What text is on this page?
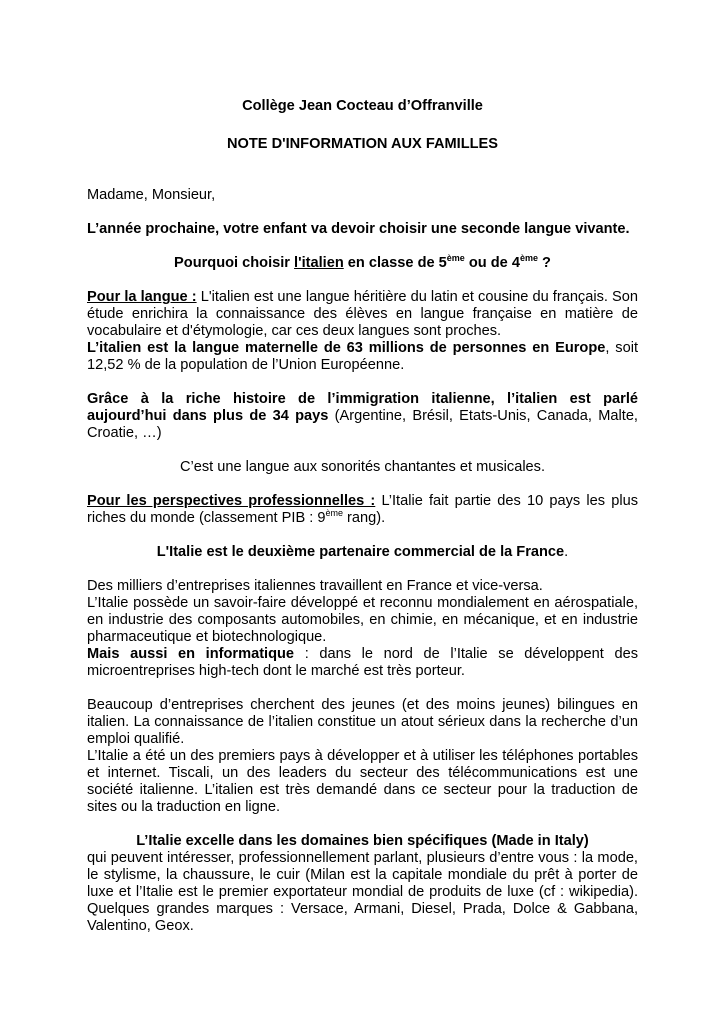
Collège Jean Cocteau d’Offranville

NOTE D'INFORMATION AUX FAMILLES

Madame, Monsieur,

L’année prochaine, votre enfant va devoir choisir une seconde langue vivante.

Pourquoi choisir l'italien en classe de 5ème ou de 4ème ?

Pour la langue : L'italien est une langue héritière du latin et cousine du français. Son étude enrichira la connaissance des élèves en langue française en matière de vocabulaire et d'étymologie, car ces deux langues sont proches.

L’italien est la langue maternelle de 63 millions de personnes en Europe, soit 12,52 % de la population de l’Union Européenne.

Grâce à la riche histoire de l’immigration italienne, l’italien est parlé aujourd’hui dans plus de 34 pays (Argentine, Brésil, Etats-Unis, Canada, Malte, Croatie, …)

C’est une langue aux sonorités chantantes et musicales.

Pour les perspectives professionnelles : L’Italie fait partie des 10 pays les plus riches du monde (classement PIB : 9ème rang).

L'Italie est le deuxième partenaire commercial de la France.

Des milliers d’entreprises italiennes travaillent en France et vice-versa.

L’Italie possède un savoir-faire développé et reconnu mondialement en aérospatiale, en industrie des composants automobiles, en chimie, en mécanique, et en industrie pharmaceutique et biotechnologique.

Mais aussi en informatique : dans le nord de l’Italie se développent des microentreprises high-tech dont le marché est très porteur.

Beaucoup d’entreprises cherchent des jeunes (et des moins jeunes) bilingues en italien. La connaissance de l’italien constitue un atout sérieux dans la recherche d’un emploi qualifié.

L’Italie a été un des premiers pays à développer et à utiliser les téléphones portables et internet. Tiscali, un des leaders du secteur des télécommunications est une société italienne. L’italien est très demandé dans ce secteur pour la traduction de sites ou la traduction en ligne.

L’Italie excelle dans les domaines bien spécifiques (Made in Italy)

qui peuvent intéresser, professionnellement parlant, plusieurs d’entre vous : la mode, le stylisme, la chaussure, le cuir (Milan est la capitale mondiale du prêt à porter de luxe et l’Italie est le premier exportateur mondial de produits de luxe (cf : wikipedia). Quelques grandes marques : Versace, Armani, Diesel, Prada, Dolce & Gabbana, Valentino, Geox.
